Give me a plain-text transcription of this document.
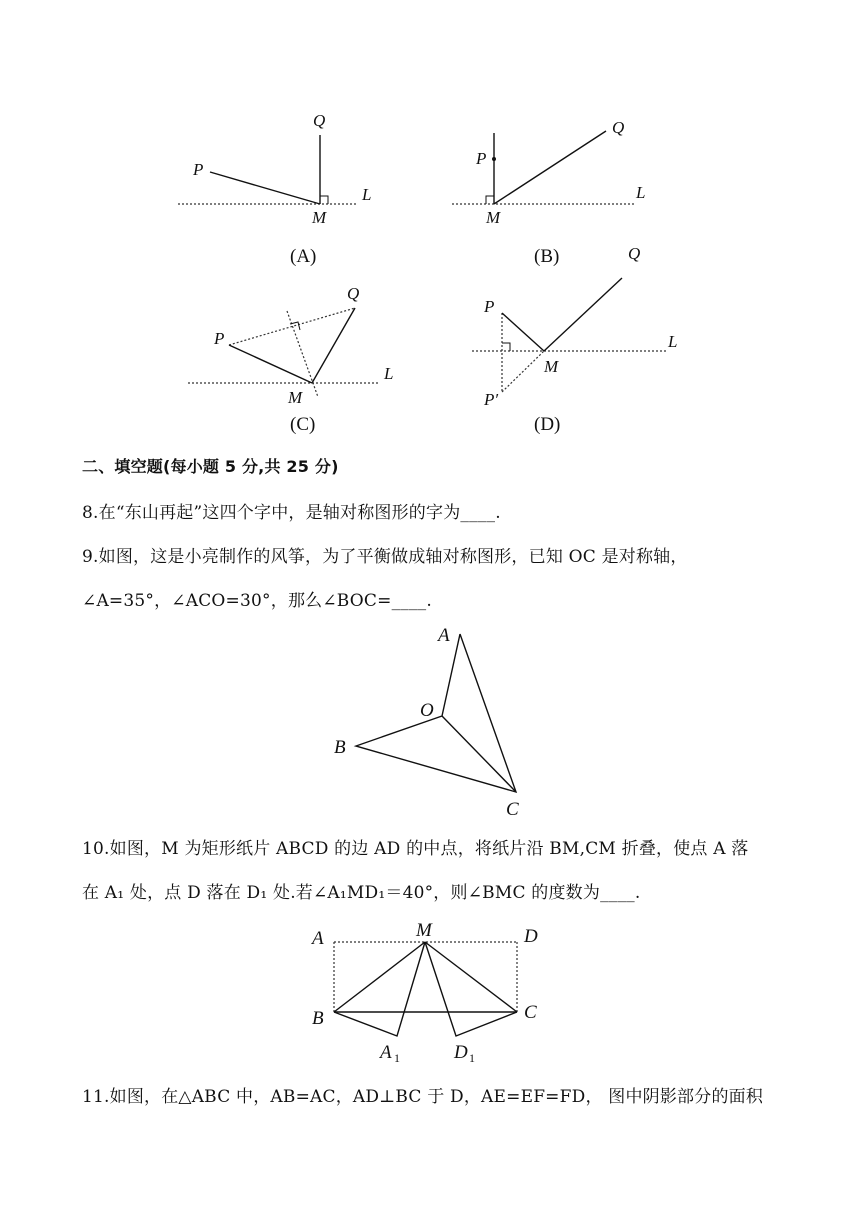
Q
P
M
L
(A)
P
Q
M
L
(B)
Q
P
M
L
(C)
Q
P
M
L
P′
(D)
A
O
B
C
A	M	D
B	C
A 1	D 1
二、填空题(每小题 5 分,共 25 分)
8.在“东山再起”这四个字中，是轴对称图形的字为____.
9.如图，这是小亮制作的风筝，为了平衡做成轴对称图形，已知 OC 是对称轴，
∠A=35°，∠ACO=30°，那么∠BOC=____.
10.如图，M 为矩形纸片 ABCD 的边 AD 的中点，将纸片沿 BM,CM 折叠，使点 A 落
在 A₁ 处，点 D 落在 D₁ 处.若∠A₁MD₁＝40°，则∠BMC 的度数为____.
11.如图，在△ABC 中，AB=AC，AD⊥BC 于 D，AE=EF=FD， 图中阴影部分的面积
